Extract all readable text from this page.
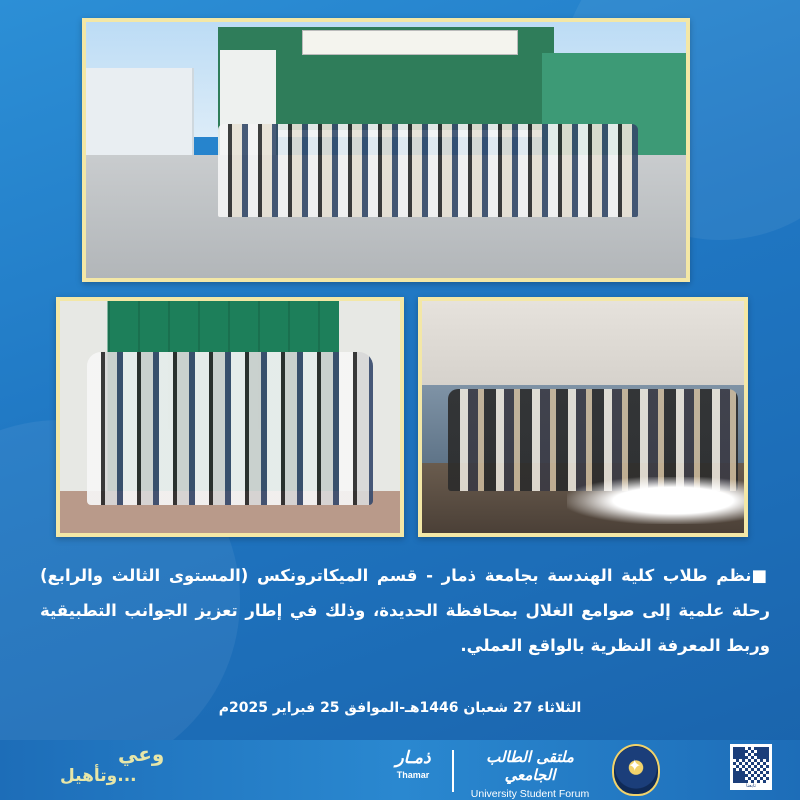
■نظم طلاب كلية الهندسة بجامعة ذمار - قسم الميكاترونكس (المستوى الثالث والرابع) رحلة علمية إلى صوامع الغلال بمحافظة الحديدة، وذلك في إطار تعزيز الجوانب التطبيقية وربط المعرفة النظرية بالواقع العملي.
الثلاثاء 27 شعبان 1446هـ-الموافق 25 فبراير 2025م
وعي
...وتأهيل
ذمـار
Thamar
ملتقى الطالب الجامعي
University Student Forum
✦
تابعنا
